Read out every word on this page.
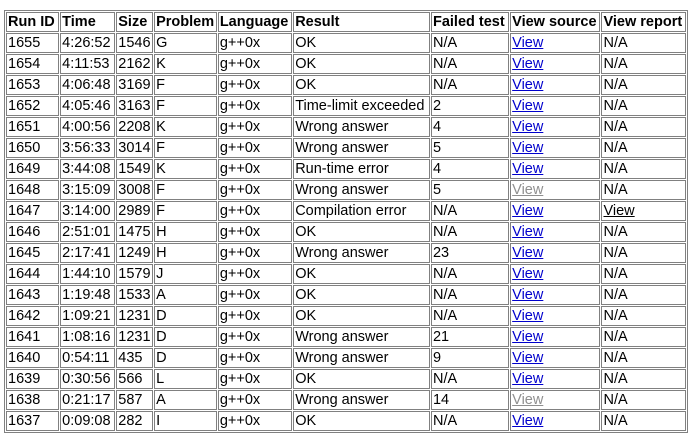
Run ID	Time	Size	Problem	Language	Result	Failed test	View source	View report
1655	4:26:52	1546	G	g++0x	OK	N/A	View	N/A
1654	4:11:53	2162	K	g++0x	OK	N/A	View	N/A
1653	4:06:48	3169	F	g++0x	OK	N/A	View	N/A
1652	4:05:46	3163	F	g++0x	Time-limit exceeded	2	View	N/A
1651	4:00:56	2208	K	g++0x	Wrong answer	4	View	N/A
1650	3:56:33	3014	F	g++0x	Wrong answer	5	View	N/A
1649	3:44:08	1549	K	g++0x	Run-time error	4	View	N/A
1648	3:15:09	3008	F	g++0x	Wrong answer	5	View	N/A
1647	3:14:00	2989	F	g++0x	Compilation error	N/A	View	View
1646	2:51:01	1475	H	g++0x	OK	N/A	View	N/A
1645	2:17:41	1249	H	g++0x	Wrong answer	23	View	N/A
1644	1:44:10	1579	J	g++0x	OK	N/A	View	N/A
1643	1:19:48	1533	A	g++0x	OK	N/A	View	N/A
1642	1:09:21	1231	D	g++0x	OK	N/A	View	N/A
1641	1:08:16	1231	D	g++0x	Wrong answer	21	View	N/A
1640	0:54:11	435	D	g++0x	Wrong answer	9	View	N/A
1639	0:30:56	566	L	g++0x	OK	N/A	View	N/A
1638	0:21:17	587	A	g++0x	Wrong answer	14	View	N/A
1637	0:09:08	282	I	g++0x	OK	N/A	View	N/A
